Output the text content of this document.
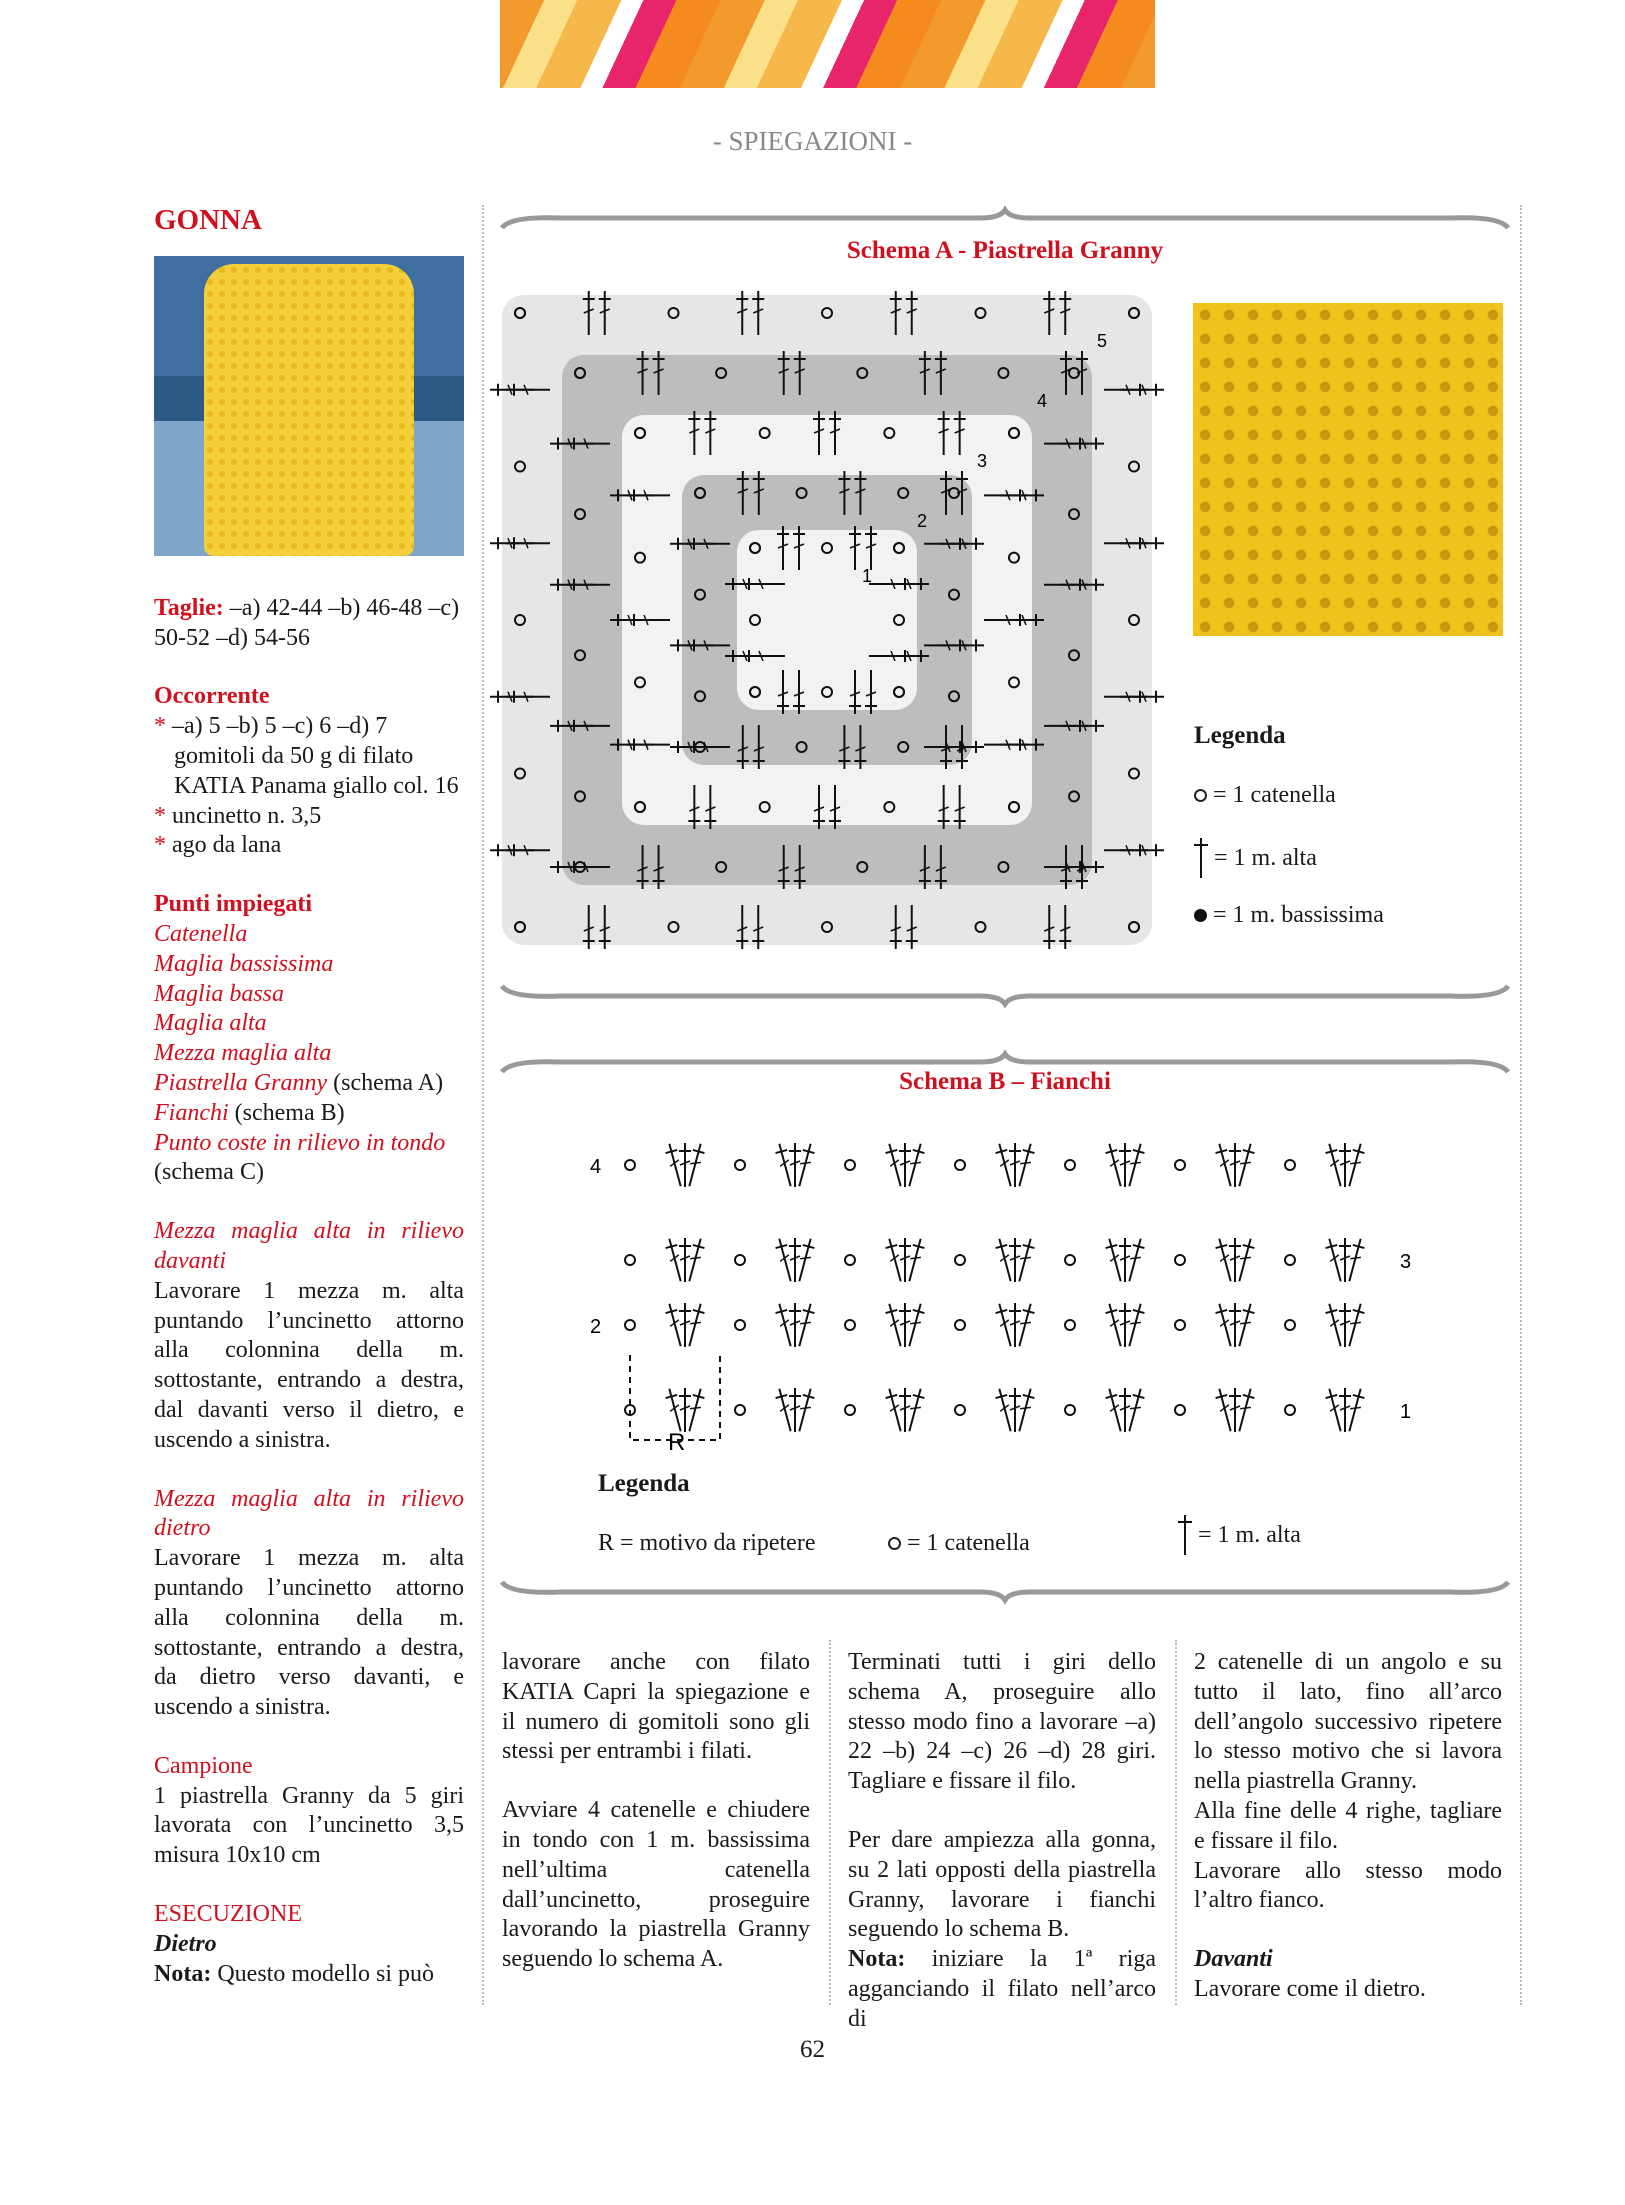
- SPIEGAZIONI -
GONNA

Taglie: –a) 42-44 –b) 46-48 –c) 50-52 –d) 54-56

Occorrente
* –a) 5 –b) 5 –c) 6 –d) 7 gomitoli da 50 g di filato KATIA Panama giallo col. 16
* uncinetto n. 3,5
* ago da lana

Punti impiegati
Catenella
Maglia bassissima
Maglia bassa
Maglia alta
Mezza maglia alta
Piastrella Granny (schema A)
Fianchi (schema B)
Punto coste in rilievo in tondo (schema C)

Mezza maglia alta in rilievo davanti
Lavorare 1 mezza m. alta puntando l’uncinetto attorno alla colonnina della m. sottostante, entrando a destra, dal davanti verso il dietro, e uscendo a sinistra.

Mezza maglia alta in rilievo dietro
Lavorare 1 mezza m. alta puntando l’uncinetto attorno alla colonnina della m. sottostante, entrando a destra, da dietro verso davanti, e uscendo a sinistra.

Campione
1 piastrella Granny da 5 giri lavorata con l’uncinetto 3,5 misura 10x10 cm

ESECUZIONE
Dietro
Nota: Questo modello si può

Schema A - Piastrella Granny
1
2
3
4
5
Legenda
= 1 catenella
= 1 m. alta
= 1 m. bassissima
Schema B – Fianchi
4
3
2
1
R
Legenda
R = motivo da ripetere	= 1 catenella	= 1 m. alta

lavorare anche con filato KATIA Capri la spiegazione e il numero di gomitoli sono gli stessi per entrambi i filati.

Avviare 4 catenelle e chiudere in tondo con 1 m. bassissima nell’ultima catenella dall’uncinetto, proseguire lavorando la piastrella Granny seguendo lo schema A.

Terminati tutti i giri dello schema A, proseguire allo stesso modo fino a lavorare –a) 22 –b) 24 –c) 26 –d) 28 giri. Tagliare e fissare il filo.

Per dare ampiezza alla gonna, su 2 lati opposti della piastrella Granny, lavorare i fianchi seguendo lo schema B.

Nota: iniziare la 1ª riga agganciando il filato nell’arco di

2 catenelle di un angolo e su tutto il lato, fino all’arco dell’angolo successivo ripetere lo stesso motivo che si lavora nella piastrella Granny.

Alla fine delle 4 righe, tagliare e fissare il filo.

Lavorare allo stesso modo l’altro fianco.

Davanti

Lavorare come il dietro.

62
